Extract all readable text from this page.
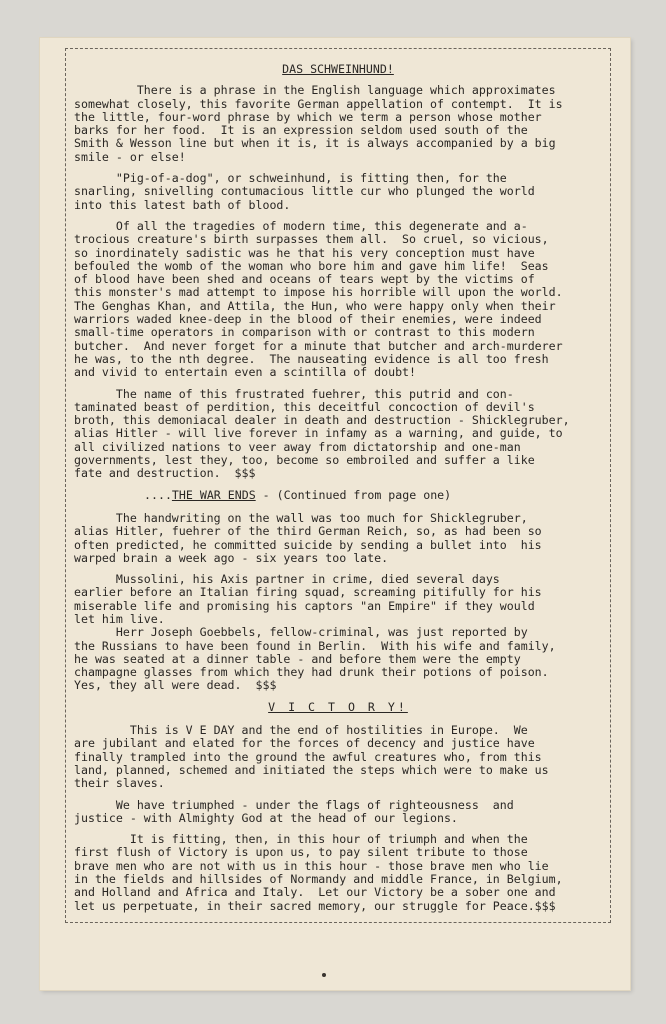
DAS SCHWEINHUND!
There is a phrase in the English language which approximates
somewhat closely, this favorite German appellation of contempt.  It is
the little, four-word phrase by which we term a person whose mother
barks for her food.  It is an expression seldom used south of the
Smith & Wesson line but when it is, it is always accompanied by a big
smile - or else!
"Pig-of-a-dog", or schweinhund, is fitting then, for the
snarling, snivelling contumacious little cur who plunged the world
into this latest bath of blood.
Of all the tragedies of modern time, this degenerate and a-
trocious creature's birth surpasses them all.  So cruel, so vicious,
so inordinately sadistic was he that his very conception must have
befouled the womb of the woman who bore him and gave him life!  Seas
of blood have been shed and oceans of tears wept by the victims of
this monster's mad attempt to impose his horrible will upon the world.
The Genghas Khan, and Attila, the Hun, who were happy only when their
warriors waded knee-deep in the blood of their enemies, were indeed
small-time operators in comparison with or contrast to this modern
butcher.  And never forget for a minute that butcher and arch-murderer
he was, to the nth degree.  The nauseating evidence is all too fresh
and vivid to entertain even a scintilla of doubt!
The name of this frustrated fuehrer, this putrid and con-
taminated beast of perdition, this deceitful concoction of devil's
broth, this demoniacal dealer in death and destruction - Shicklegruber,
alias Hitler - will live forever in infamy as a warning, and guide, to
all civilized nations to veer away from dictatorship and one-man
governments, lest they, too, become so embroiled and suffer a like
fate and destruction.  $$$
....THE WAR ENDS - (Continued from page one)
The handwriting on the wall was too much for Shicklegruber,
alias Hitler, fuehrer of the third German Reich, so, as had been so
often predicted, he committed suicide by sending a bullet into  his
warped brain a week ago - six years too late.
Mussolini, his Axis partner in crime, died several days
earlier before an Italian firing squad, screaming pitifully for his
miserable life and promising his captors "an Empire" if they would
let him live.
Herr Joseph Goebbels, fellow-criminal, was just reported by
the Russians to have been found in Berlin.  With his wife and family,
he was seated at a dinner table - and before them were the empty
champagne glasses from which they had drunk their potions of poison.
Yes, they all were dead.  $$$
V I C T O R Y!
This is V E DAY and the end of hostilities in Europe.  We
are jubilant and elated for the forces of decency and justice have
finally trampled into the ground the awful creatures who, from this
land, planned, schemed and initiated the steps which were to make us
their slaves.
We have triumphed - under the flags of righteousness  and
justice - with Almighty God at the head of our legions.
It is fitting, then, in this hour of triumph and when the
first flush of Victory is upon us, to pay silent tribute to those
brave men who are not with us in this hour - those brave men who lie
in the fields and hillsides of Normandy and middle France, in Belgium,
and Holland and Africa and Italy.  Let our Victory be a sober one and
let us perpetuate, in their sacred memory, our struggle for Peace.$$$
